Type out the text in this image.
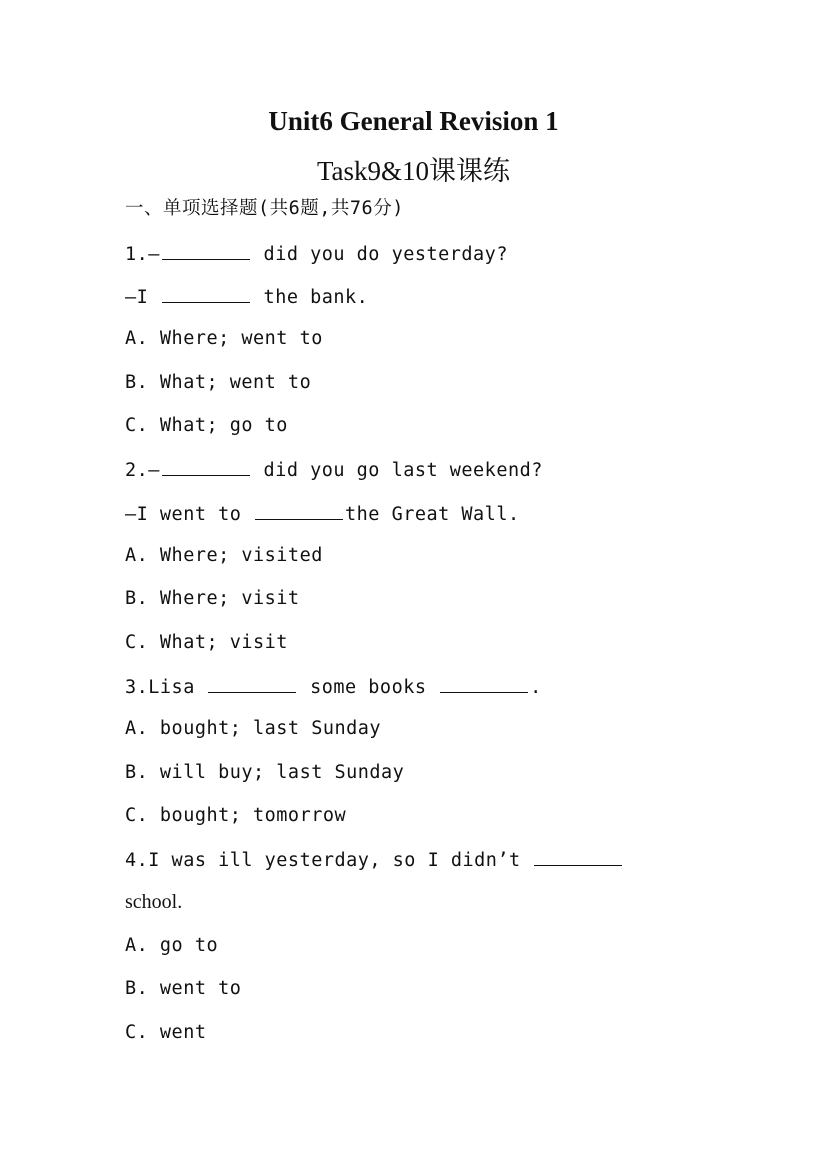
Unit6 General Revision 1
Task9&10课课练
一、单项选择题(共6题,共76分)
1.—	did you do yesterday?
—I	the bank.
A. Where; went to
B. What; went to
C. What; go to
2.—	did you go last weekend?
—I went to	the Great Wall.
A. Where; visited
B. Where; visit
C. What; visit
3.Lisa	some books	.
A. bought; last Sunday
B. will buy; last Sunday
C. bought; tomorrow
4.I was ill yesterday, so I didn’t
school.
A. go to
B. went to
C. went
